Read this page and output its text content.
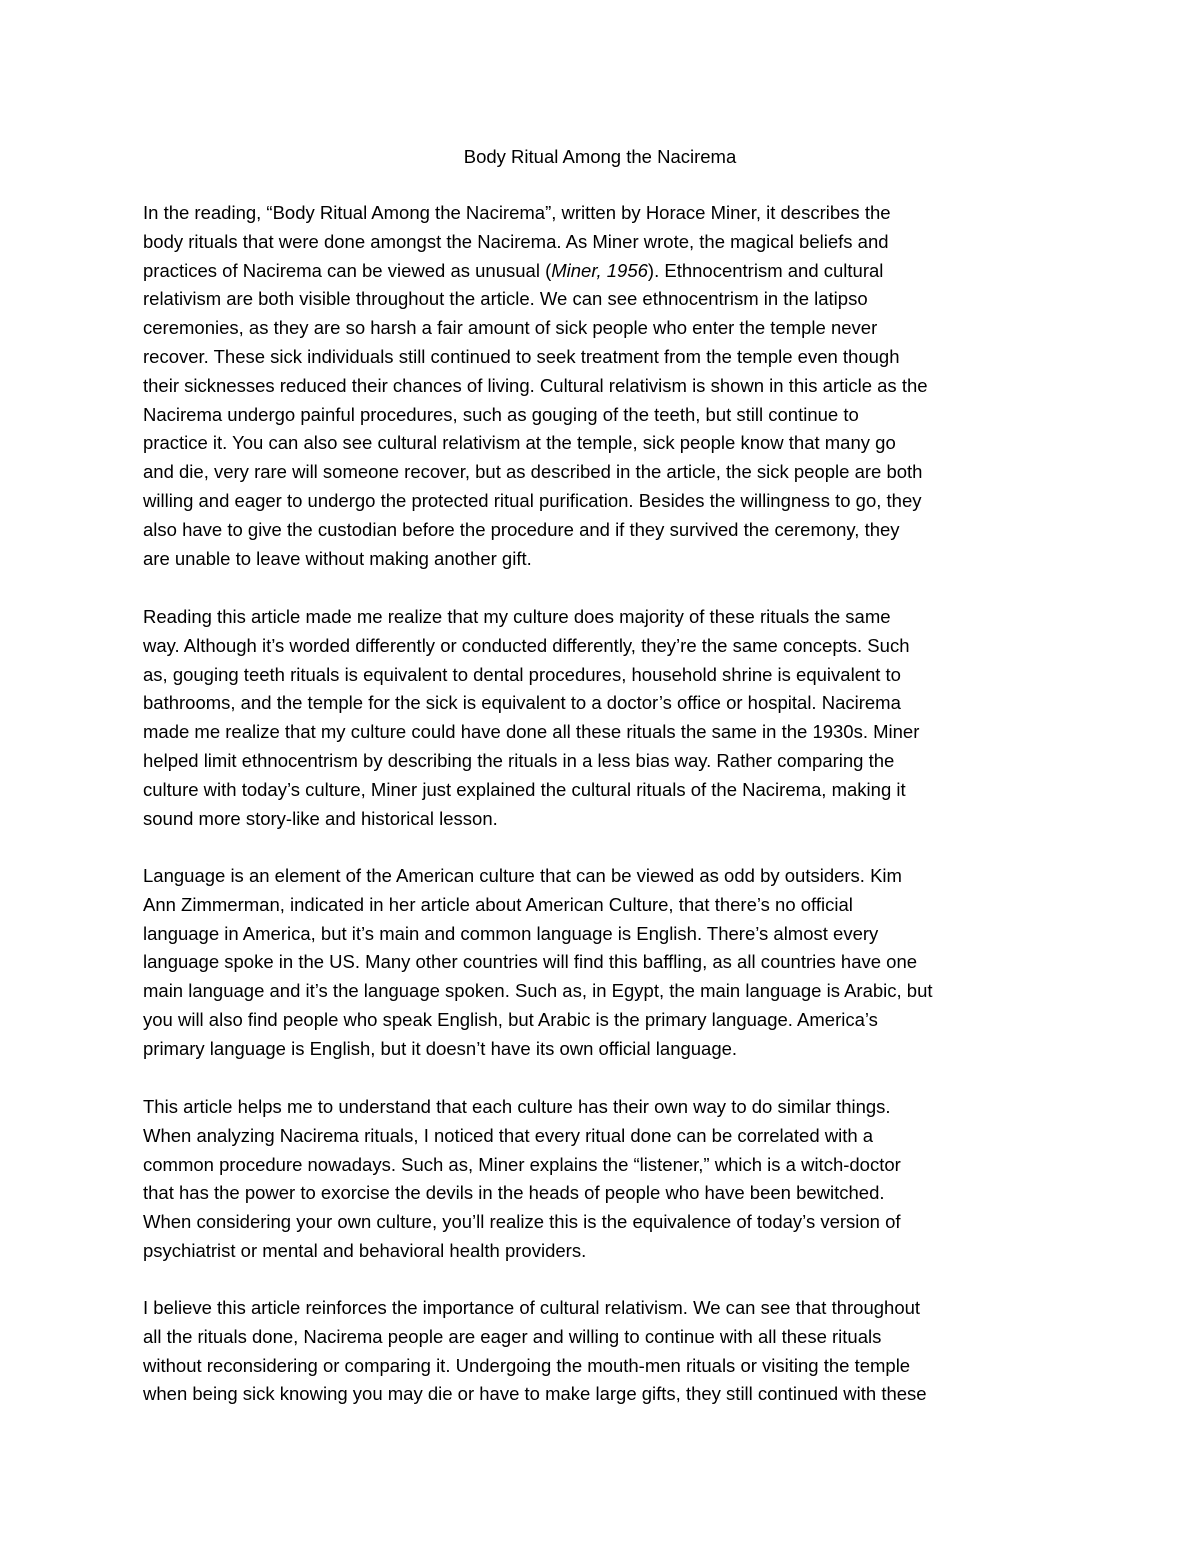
Body Ritual Among the Nacirema
In the reading, “Body Ritual Among the Nacirema”, written by Horace Miner, it describes the
body rituals that were done amongst the Nacirema. As Miner wrote, the magical beliefs and
practices of Nacirema can be viewed as unusual (Miner, 1956). Ethnocentrism and cultural
relativism are both visible throughout the article. We can see ethnocentrism in the latipso
ceremonies, as they are so harsh a fair amount of sick people who enter the temple never
recover. These sick individuals still continued to seek treatment from the temple even though
their sicknesses reduced their chances of living. Cultural relativism is shown in this article as the
Nacirema undergo painful procedures, such as gouging of the teeth, but still continue to
practice it. You can also see cultural relativism at the temple, sick people know that many go
and die, very rare will someone recover, but as described in the article, the sick people are both
willing and eager to undergo the protected ritual purification. Besides the willingness to go, they
also have to give the custodian before the procedure and if they survived the ceremony, they
are unable to leave without making another gift.
Reading this article made me realize that my culture does majority of these rituals the same
way. Although it’s worded differently or conducted differently, they’re the same concepts. Such
as, gouging teeth rituals is equivalent to dental procedures, household shrine is equivalent to
bathrooms, and the temple for the sick is equivalent to a doctor’s office or hospital. Nacirema
made me realize that my culture could have done all these rituals the same in the 1930s. Miner
helped limit ethnocentrism by describing the rituals in a less bias way. Rather comparing the
culture with today’s culture, Miner just explained the cultural rituals of the Nacirema, making it
sound more story-like and historical lesson.
Language is an element of the American culture that can be viewed as odd by outsiders. Kim
Ann Zimmerman, indicated in her article about American Culture, that there’s no official
language in America, but it’s main and common language is English. There’s almost every
language spoke in the US. Many other countries will find this baffling, as all countries have one
main language and it’s the language spoken. Such as, in Egypt, the main language is Arabic, but
you will also find people who speak English, but Arabic is the primary language. America’s
primary language is English, but it doesn’t have its own official language.
This article helps me to understand that each culture has their own way to do similar things.
When analyzing Nacirema rituals, I noticed that every ritual done can be correlated with a
common procedure nowadays. Such as, Miner explains the “listener,” which is a witch-doctor
that has the power to exorcise the devils in the heads of people who have been bewitched.
When considering your own culture, you’ll realize this is the equivalence of today’s version of
psychiatrist or mental and behavioral health providers.
I believe this article reinforces the importance of cultural relativism. We can see that throughout
all the rituals done, Nacirema people are eager and willing to continue with all these rituals
without reconsidering or comparing it. Undergoing the mouth-men rituals or visiting the temple
when being sick knowing you may die or have to make large gifts, they still continued with these
